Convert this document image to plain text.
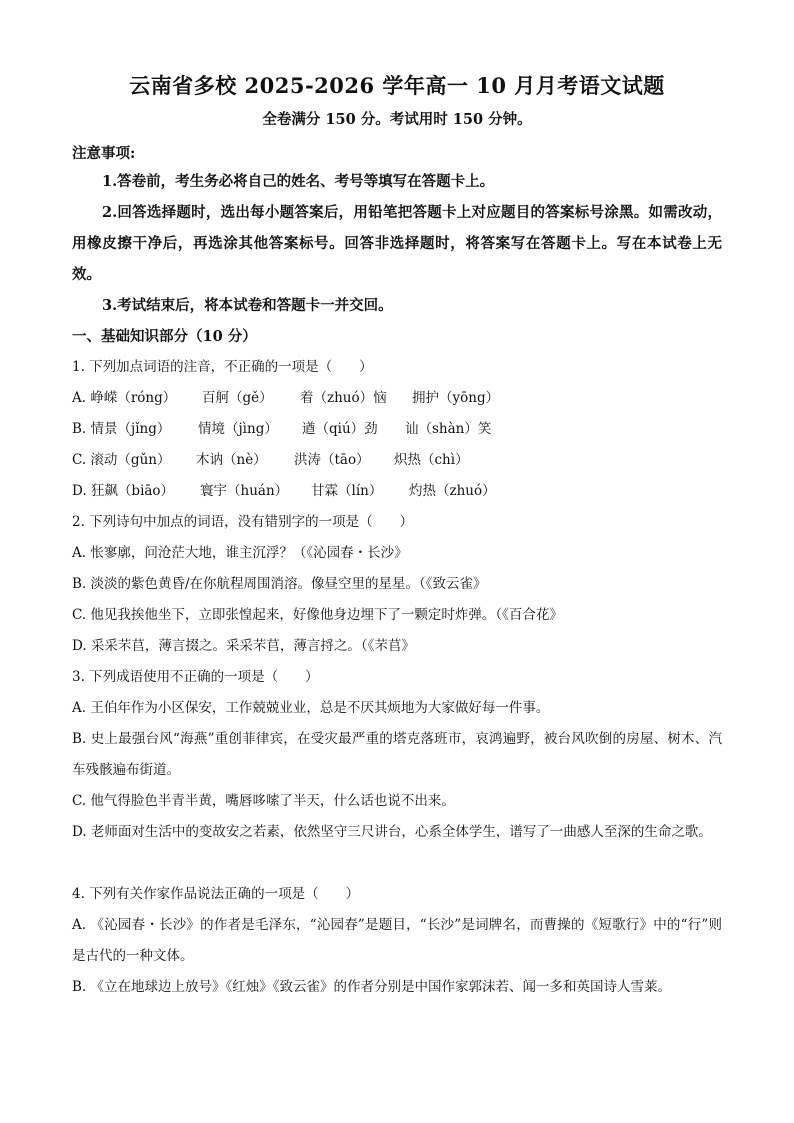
云南省多校 2025-2026 学年高一 10 月月考语文试题
全卷满分 150 分。考试用时 150 分钟。
注意事项:
1.答卷前，考生务必将自己的姓名、考号等填写在答题卡上。
2.回答选择题时，选出每小题答案后，用铅笔把答题卡上对应题目的答案标号涂黑。如需改动，用橡皮擦干净后，再选涂其他答案标号。回答非选择题时，将答案写在答题卡上。写在本试卷上无效。
3.考试结束后，将本试卷和答题卡一并交回。
一、基础知识部分（10 分）
1. 下列加点词语的注音，不正确的一项是（　　）
A. 峥嵘（róng） 百舸（gě） 着（zhuó）恼 拥护（yōng）
B. 情景（jǐng） 情境（jìng） 遒（qiú）劲 讪（shàn）笑
C. 滚动（gǔn） 木讷（nè） 洪涛（tāo） 炽热（chì）
D. 狂飙（biāo） 寰宇（huán） 甘霖（lín） 灼热（zhuó）
2. 下列诗句中加点的词语，没有错别字的一项是（　　）
A. 怅寥廓，问沧茫大地，谁主沉浮？（《沁园春・长沙》
B. 淡淡的紫色黄昏/在你航程周围消溶。像昼空里的星星。（《致云雀》
C. 他见我挨他坐下，立即张惶起来，好像他身边埋下了一颗定时炸弹。（《百合花》
D. 采采芣苢，薄言掇之。采采芣苢，薄言捋之。（《芣苢》
3. 下列成语使用不正确的一项是（　　）
A. 王伯年作为小区保安，工作兢兢业业，总是不厌其烦地为大家做好每一件事。
B. 史上最强台风“海燕”重创菲律宾，在受灾最严重的塔克落班市，哀鸿遍野，被台风吹倒的房屋、树木、汽车残骸遍布街道。
C. 他气得脸色半青半黄，嘴唇哆嗦了半天，什么话也说不出来。
D. 老师面对生活中的变故安之若素，依然坚守三尺讲台，心系全体学生，谱写了一曲感人至深的生命之歌。
4. 下列有关作家作品说法正确的一项是（　　）
A. 《沁园春・长沙》的作者是毛泽东，“沁园春”是题目，“长沙”是词牌名，而曹操的《短歌行》中的“行”则是古代的一种文体。
B. 《立在地球边上放号》《红烛》《致云雀》的作者分别是中国作家郭沫若、闻一多和英国诗人雪莱。
